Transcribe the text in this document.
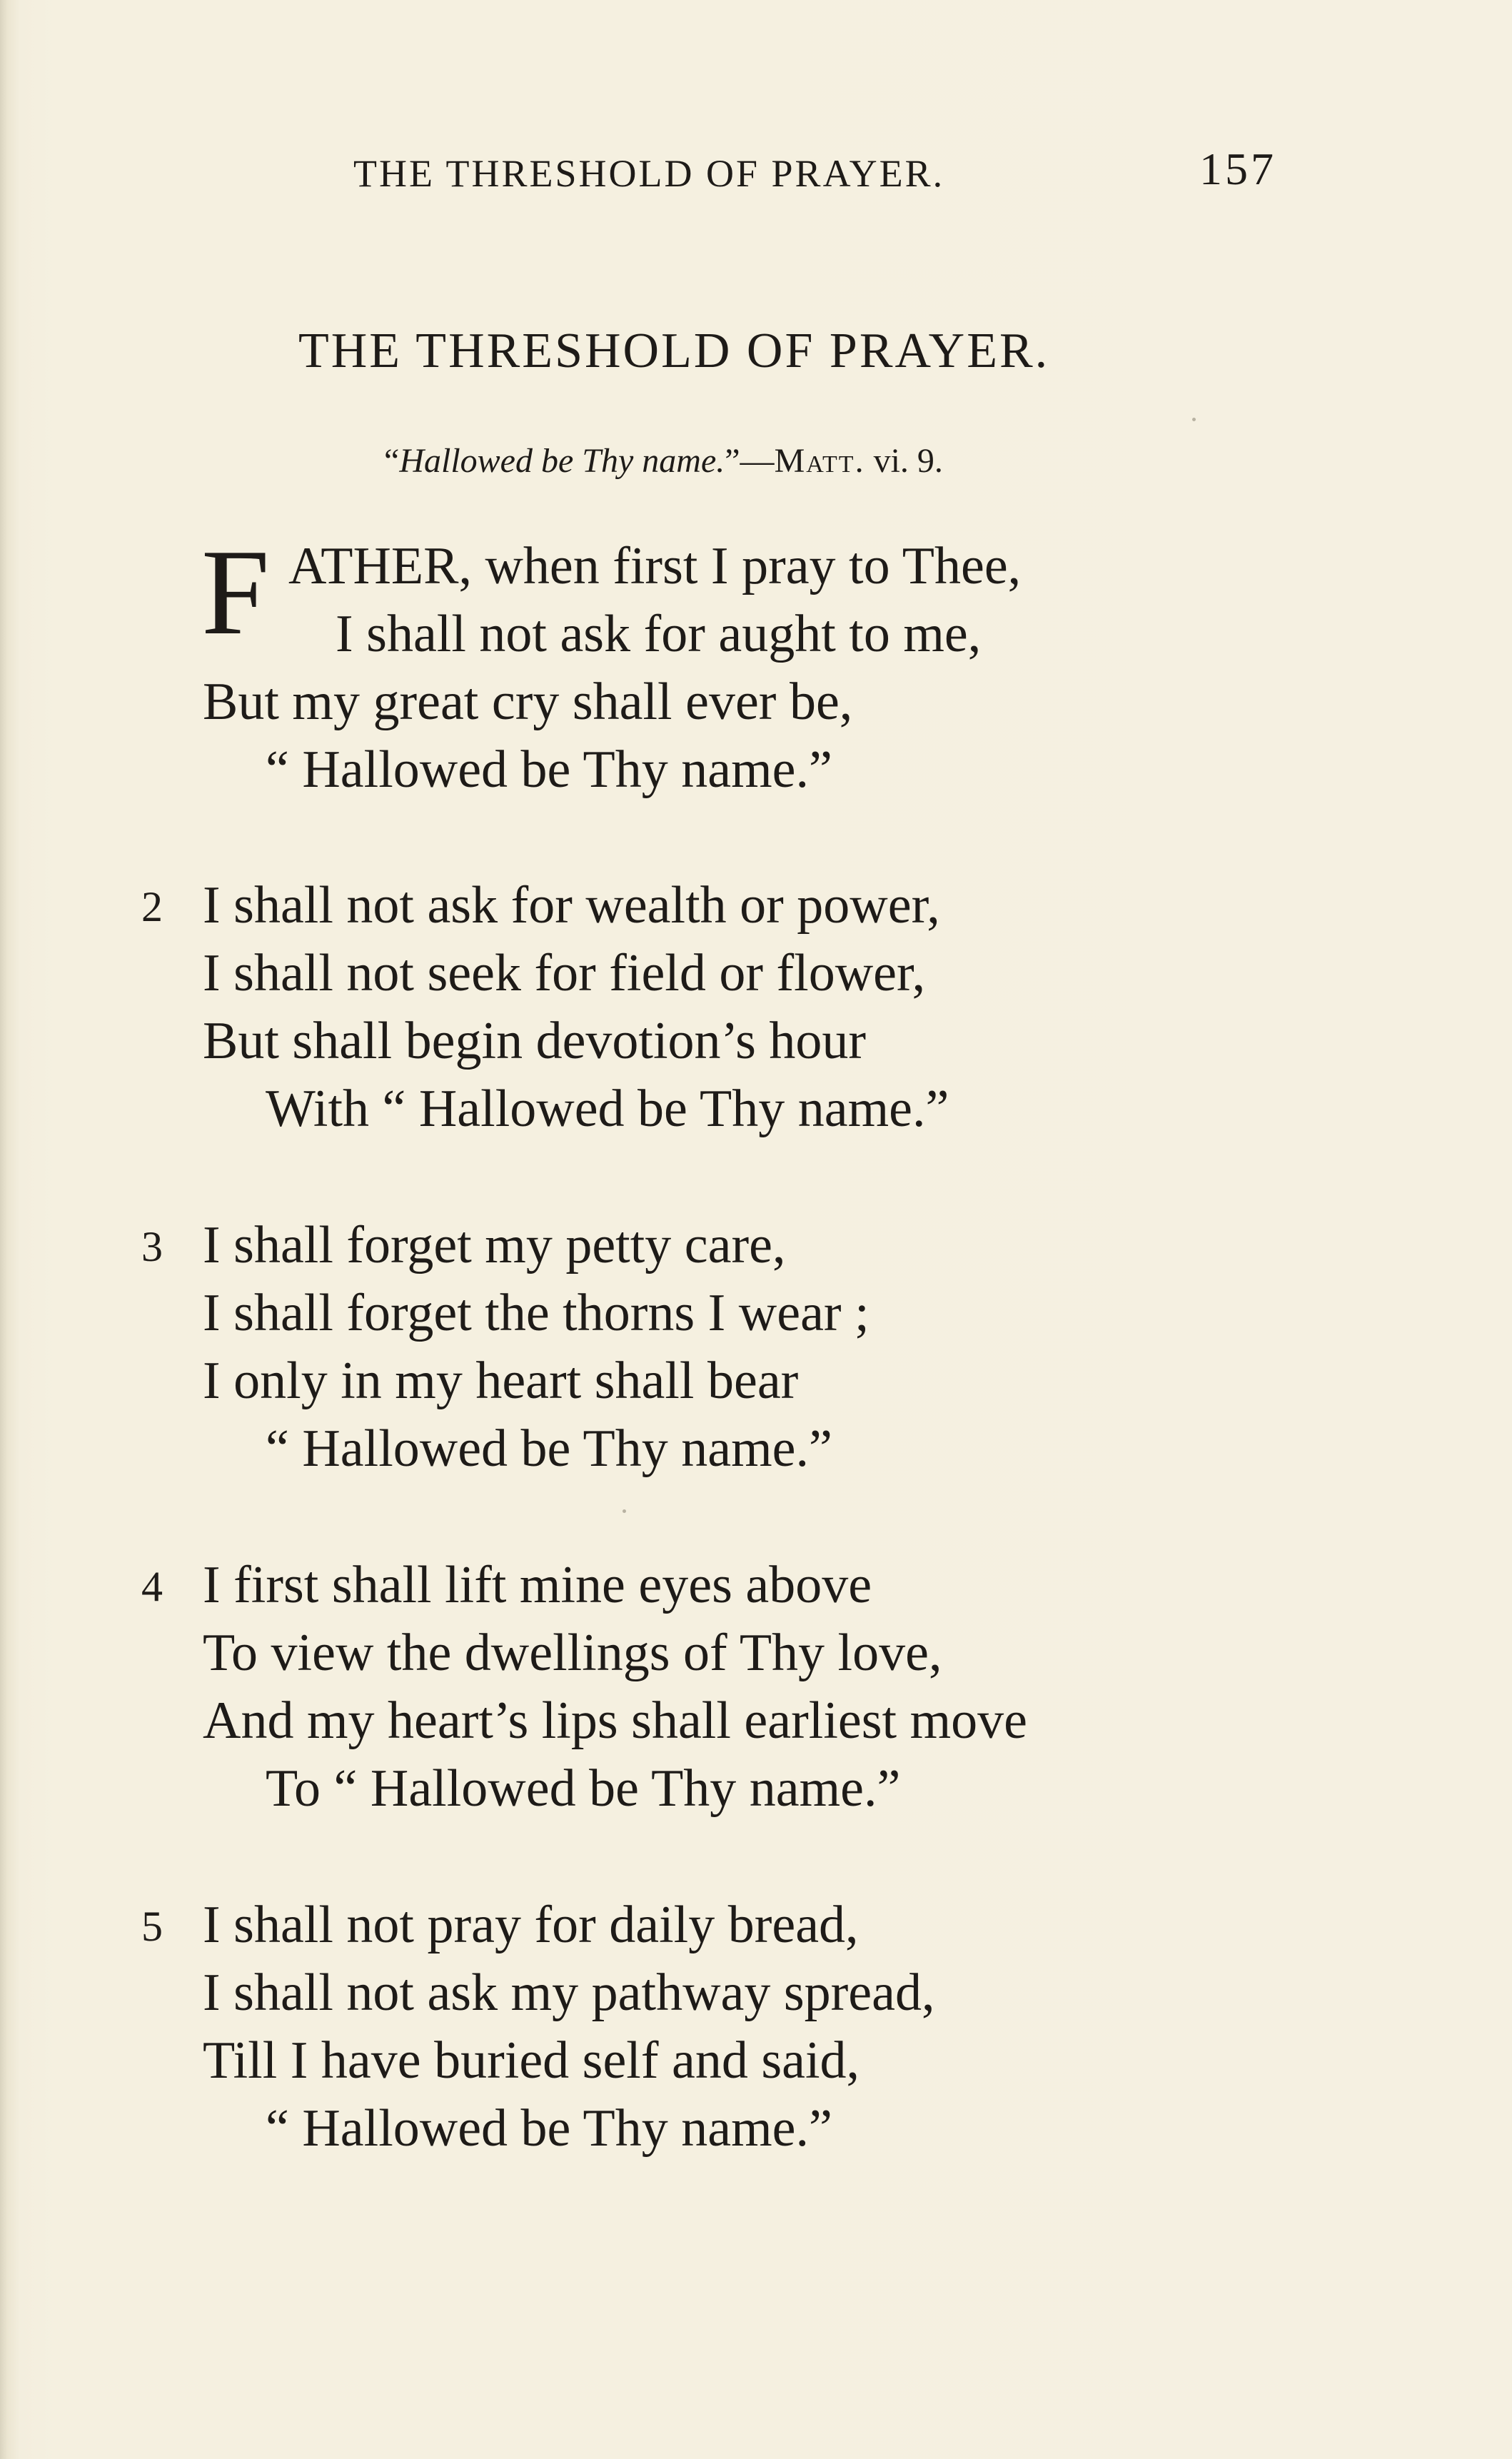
THE THRESHOLD OF PRAYER.	157
THE THRESHOLD OF PRAYER.
“Hallowed be Thy name.”—Matt. vi. 9.
F ATHER, when first I pray to Thee,
I shall not ask for aught to me,
But my great cry shall ever be,
“ Hallowed be Thy name.”
2 I shall not ask for wealth or power,
I shall not seek for field or flower,
But shall begin devotion’s hour
With “ Hallowed be Thy name.”
3 I shall forget my petty care,
I shall forget the thorns I wear ;
I only in my heart shall bear
“ Hallowed be Thy name.”
4 I first shall lift mine eyes above
To view the dwellings of Thy love,
And my heart’s lips shall earliest move
To “ Hallowed be Thy name.”
5 I shall not pray for daily bread,
I shall not ask my pathway spread,
Till I have buried self and said,
“ Hallowed be Thy name.”
